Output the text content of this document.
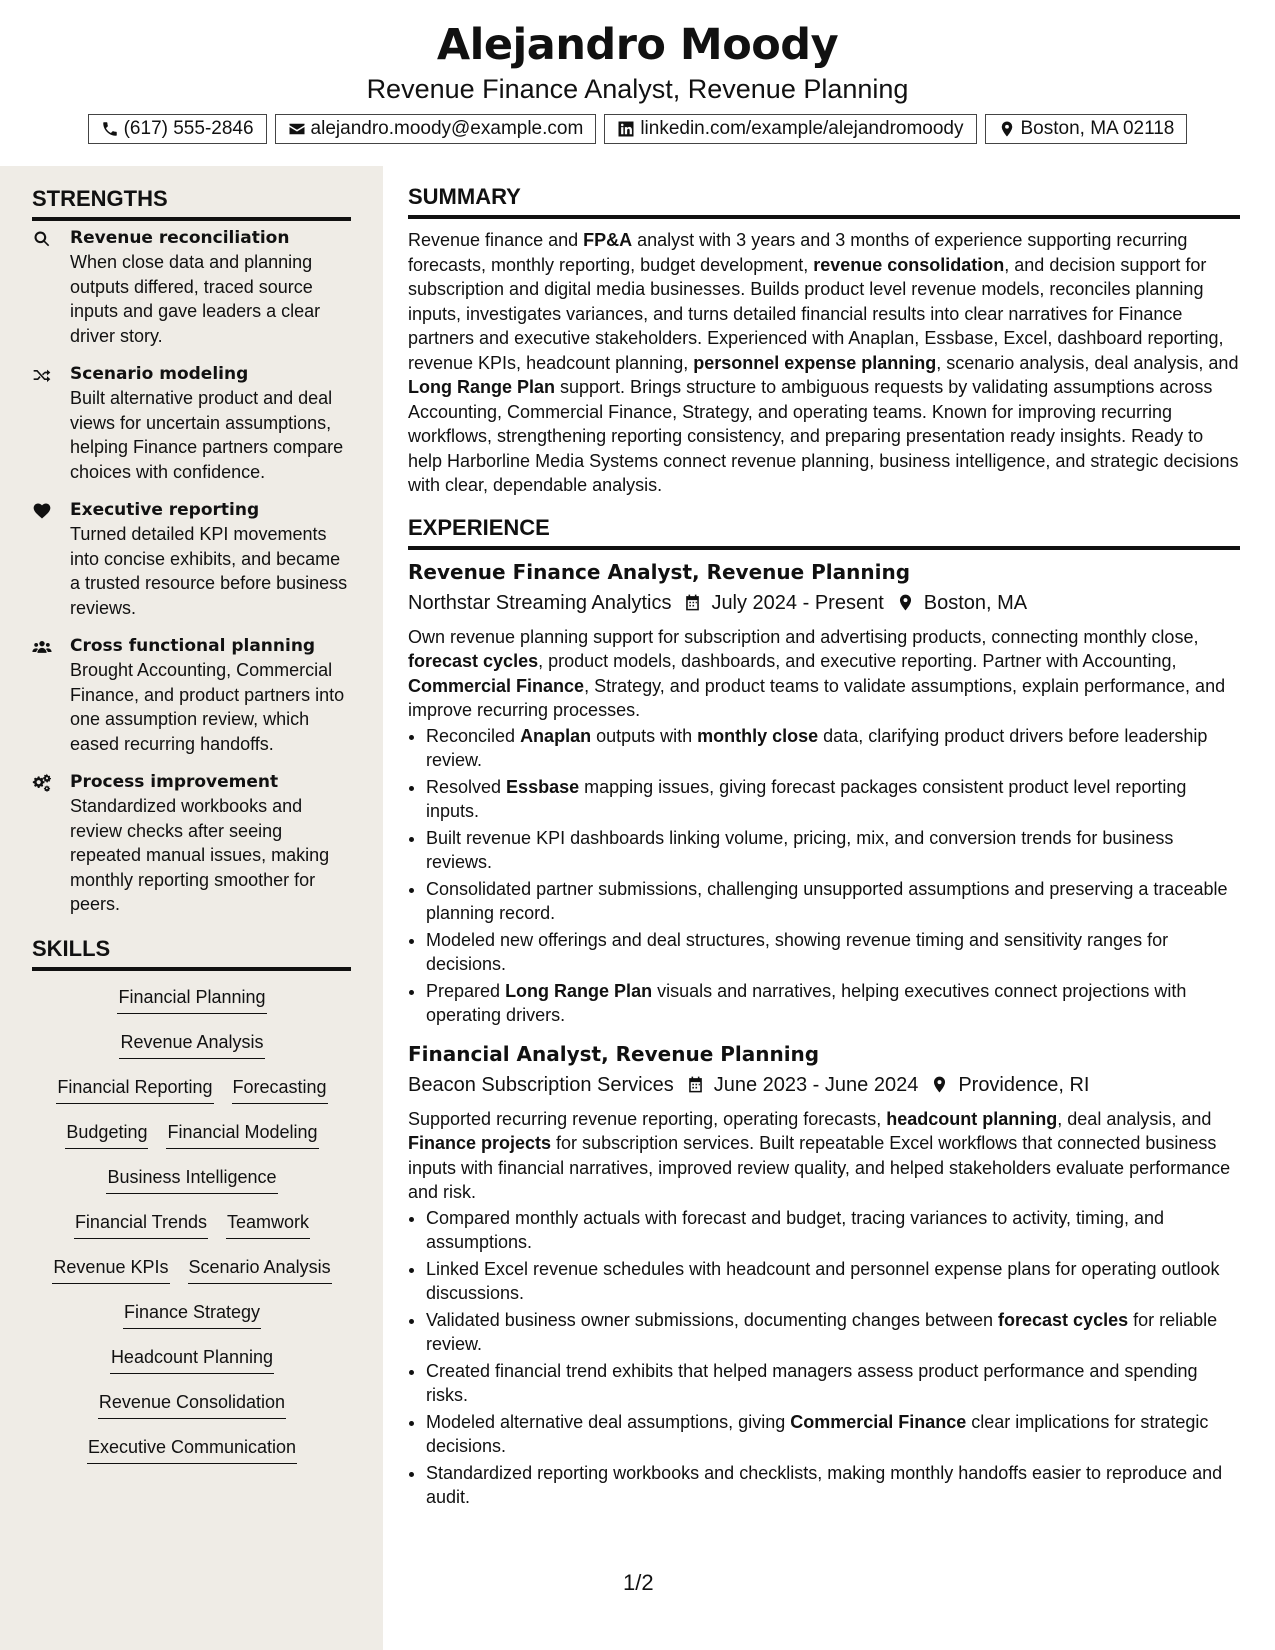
Alejandro Moody
Revenue Finance Analyst, Revenue Planning
(617) 555-2846	alejandro.moody@example.com	linkedin.com/example/alejandromoody	Boston, MA 02118
STRENGTHS
Revenue reconciliation
When close data and planning outputs differed, traced source inputs and gave leaders a clear driver story.
Scenario modeling
Built alternative product and deal views for uncertain assumptions, helping Finance partners compare choices with confidence.
Executive reporting
Turned detailed KPI movements into concise exhibits, and became a trusted resource before business reviews.
Cross functional planning
Brought Accounting, Commercial Finance, and product partners into one assumption review, which eased recurring handoffs.
Process improvement
Standardized workbooks and review checks after seeing repeated manual issues, making monthly reporting smoother for peers.
SKILLS
Financial Planning
Revenue Analysis
Financial Reporting Forecasting
Budgeting Financial Modeling
Business Intelligence
Financial Trends Teamwork
Revenue KPIs Scenario Analysis
Finance Strategy
Headcount Planning
Revenue Consolidation
Executive Communication
SUMMARY
Revenue finance and FP&A analyst with 3 years and 3 months of experience supporting recurring forecasts, monthly reporting, budget development, revenue consolidation, and decision support for subscription and digital media businesses. Builds product level revenue models, reconciles planning inputs, investigates variances, and turns detailed financial results into clear narratives for Finance partners and executive stakeholders. Experienced with Anaplan, Essbase, Excel, dashboard reporting, revenue KPIs, headcount planning, personnel expense planning, scenario analysis, deal analysis, and Long Range Plan support. Brings structure to ambiguous requests by validating assumptions across Accounting, Commercial Finance, Strategy, and operating teams. Known for improving recurring workflows, strengthening reporting consistency, and preparing presentation ready insights. Ready to help Harborline Media Systems connect revenue planning, business intelligence, and strategic decisions with clear, dependable analysis.
EXPERIENCE
Revenue Finance Analyst, Revenue Planning
Northstar Streaming Analytics July 2024 - Present Boston, MA
Own revenue planning support for subscription and advertising products, connecting monthly close, forecast cycles, product models, dashboards, and executive reporting. Partner with Accounting, Commercial Finance, Strategy, and product teams to validate assumptions, explain performance, and improve recurring processes.
• Reconciled Anaplan outputs with monthly close data, clarifying product drivers before leadership review.
• Resolved Essbase mapping issues, giving forecast packages consistent product level reporting inputs.
• Built revenue KPI dashboards linking volume, pricing, mix, and conversion trends for business reviews.
• Consolidated partner submissions, challenging unsupported assumptions and preserving a traceable planning record.
• Modeled new offerings and deal structures, showing revenue timing and sensitivity ranges for decisions.
• Prepared Long Range Plan visuals and narratives, helping executives connect projections with operating drivers.
Financial Analyst, Revenue Planning
Beacon Subscription Services June 2023 - June 2024 Providence, RI
Supported recurring revenue reporting, operating forecasts, headcount planning, deal analysis, and Finance projects for subscription services. Built repeatable Excel workflows that connected business inputs with financial narratives, improved review quality, and helped stakeholders evaluate performance and risk.
• Compared monthly actuals with forecast and budget, tracing variances to activity, timing, and assumptions.
• Linked Excel revenue schedules with headcount and personnel expense plans for operating outlook discussions.
• Validated business owner submissions, documenting changes between forecast cycles for reliable review.
• Created financial trend exhibits that helped managers assess product performance and spending risks.
• Modeled alternative deal assumptions, giving Commercial Finance clear implications for strategic decisions.
• Standardized reporting workbooks and checklists, making monthly handoffs easier to reproduce and audit.
1/2
